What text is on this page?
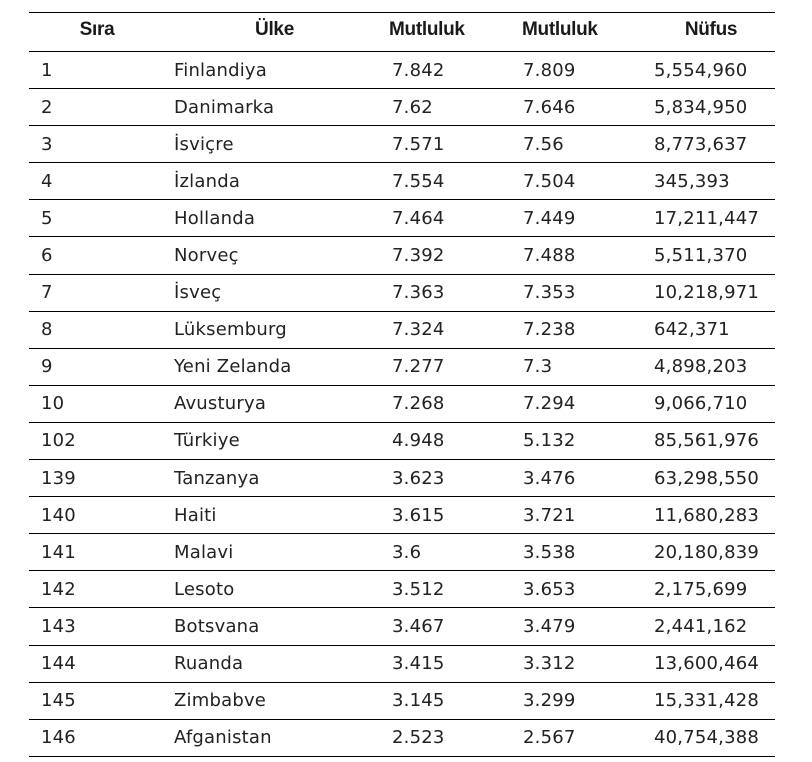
Sıra	Ülke	Mutluluk	Mutluluk	Nüfus
1	Finlandiya	7.842	7.809	5,554,960
2	Danimarka	7.62	7.646	5,834,950
3	İsviçre	7.571	7.56	8,773,637
4	İzlanda	7.554	7.504	345,393
5	Hollanda	7.464	7.449	17,211,447
6	Norveç	7.392	7.488	5,511,370
7	İsveç	7.363	7.353	10,218,971
8	Lüksemburg	7.324	7.238	642,371
9	Yeni Zelanda	7.277	7.3	4,898,203
10	Avusturya	7.268	7.294	9,066,710
102	Türkiye	4.948	5.132	85,561,976
139	Tanzanya	3.623	3.476	63,298,550
140	Haiti	3.615	3.721	11,680,283
141	Malavi	3.6	3.538	20,180,839
142	Lesoto	3.512	3.653	2,175,699
143	Botsvana	3.467	3.479	2,441,162
144	Ruanda	3.415	3.312	13,600,464
145	Zimbabve	3.145	3.299	15,331,428
146	Afganistan	2.523	2.567	40,754,388
